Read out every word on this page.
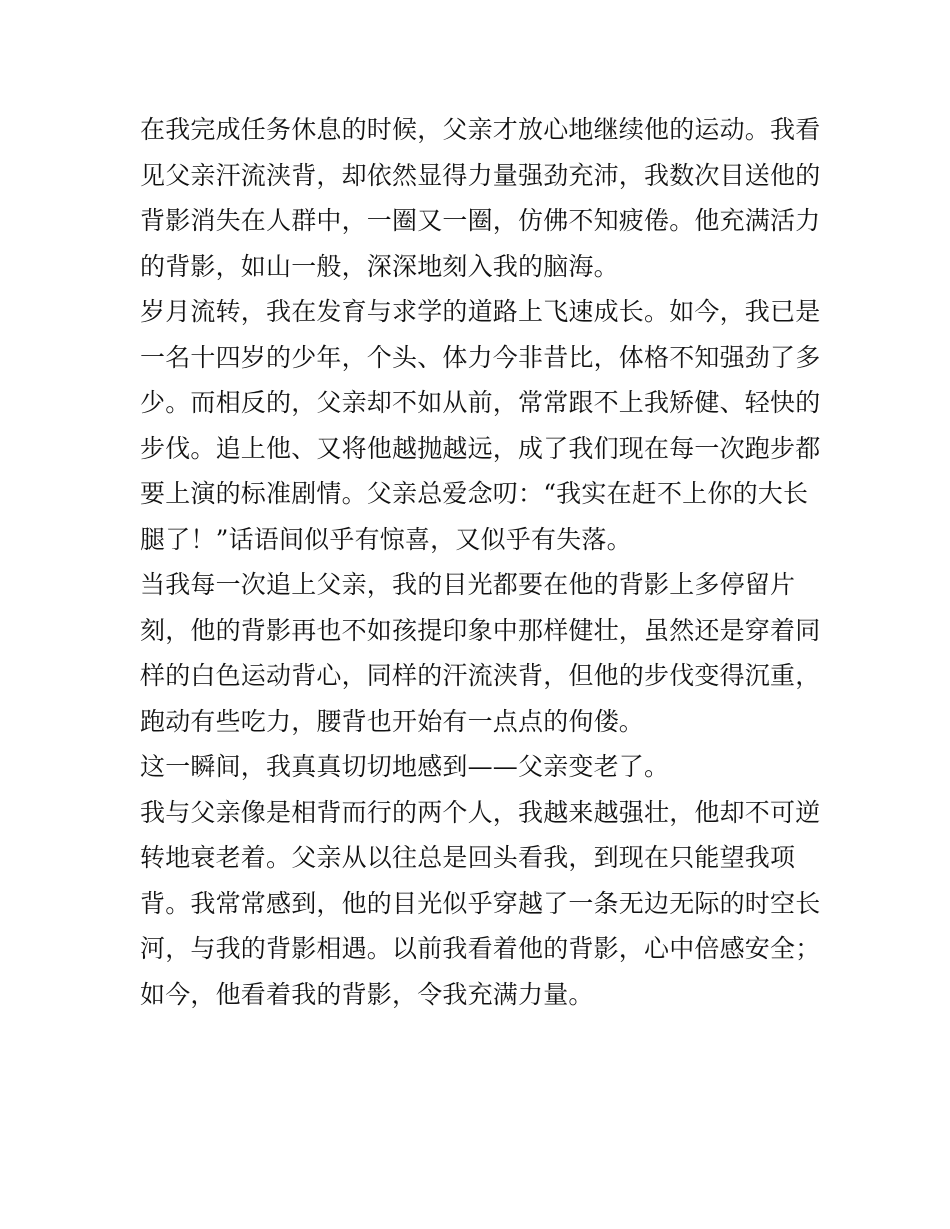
在我完成任务休息的时候，父亲才放心地继续他的运动。我看
见父亲汗流浃背，却依然显得力量强劲充沛，我数次目送他的
背影消失在人群中，一圈又一圈，仿佛不知疲倦。他充满活力
的背影，如山一般，深深地刻入我的脑海。
岁月流转，我在发育与求学的道路上飞速成长。如今，我已是
一名十四岁的少年，个头、体力今非昔比，体格不知强劲了多
少。而相反的，父亲却不如从前，常常跟不上我矫健、轻快的
步伐。追上他、又将他越抛越远，成了我们现在每一次跑步都
要上演的标准剧情。父亲总爱念叨：“我实在赶不上你的大长
腿了！”话语间似乎有惊喜，又似乎有失落。
当我每一次追上父亲，我的目光都要在他的背影上多停留片
刻，他的背影再也不如孩提印象中那样健壮，虽然还是穿着同
样的白色运动背心，同样的汗流浃背，但他的步伐变得沉重，
跑动有些吃力，腰背也开始有一点点的佝偻。
这一瞬间，我真真切切地感到——父亲变老了。
我与父亲像是相背而行的两个人，我越来越强壮，他却不可逆
转地衰老着。父亲从以往总是回头看我，到现在只能望我项
背。我常常感到，他的目光似乎穿越了一条无边无际的时空长
河，与我的背影相遇。以前我看着他的背影，心中倍感安全；
如今，他看着我的背影，令我充满力量。
